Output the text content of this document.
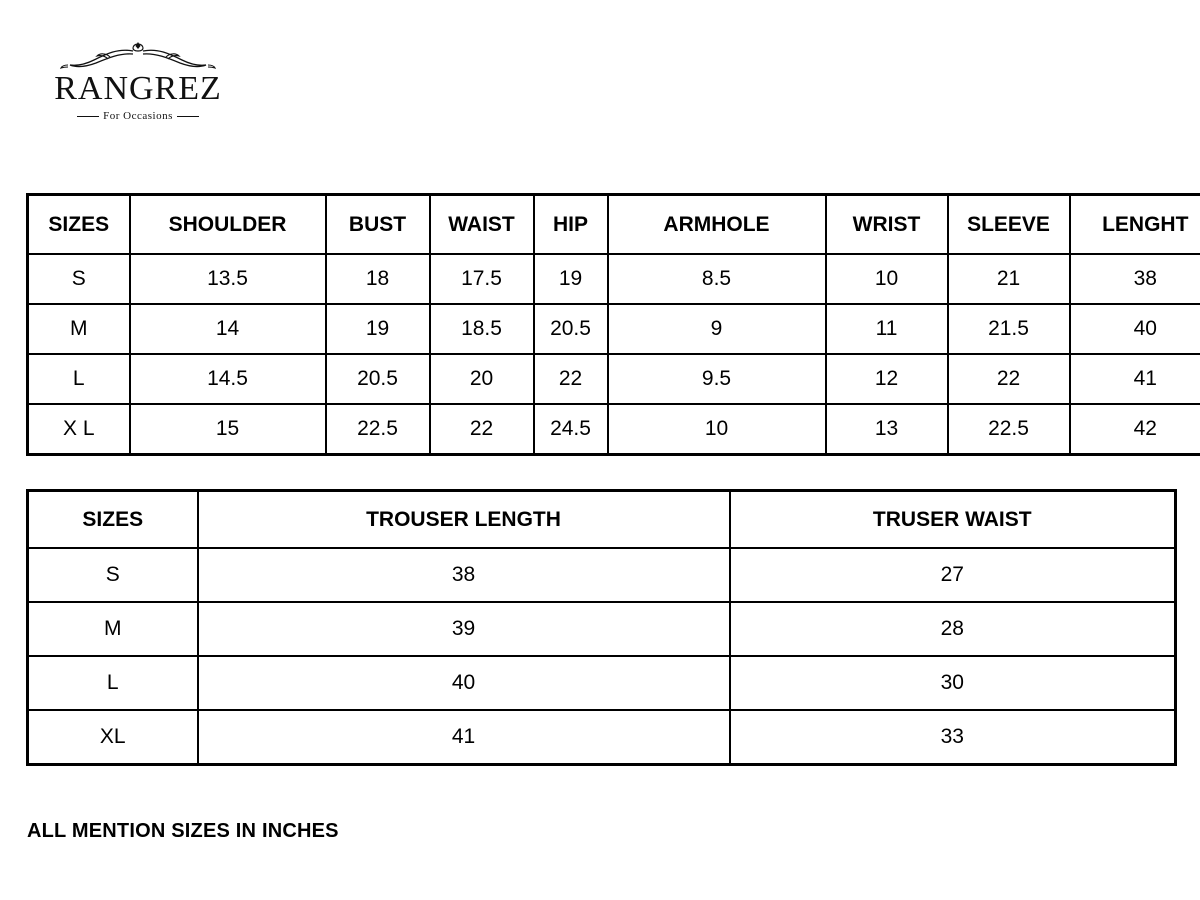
RANGREZ
For Occasions
SIZES	SHOULDER	BUST	WAIST	HIP	ARMHOLE	WRIST	SLEEVE	LENGHT
S	13.5	18	17.5	19	8.5	10	21	38
M	14	19	18.5	20.5	9	11	21.5	40
L	14.5	20.5	20	22	9.5	12	22	41
X L	15	22.5	22	24.5	10	13	22.5	42
SIZES	TROUSER LENGTH	TRUSER WAIST
S	38	27
M	39	28
L	40	30
XL	41	33
ALL MENTION SIZES IN INCHES
